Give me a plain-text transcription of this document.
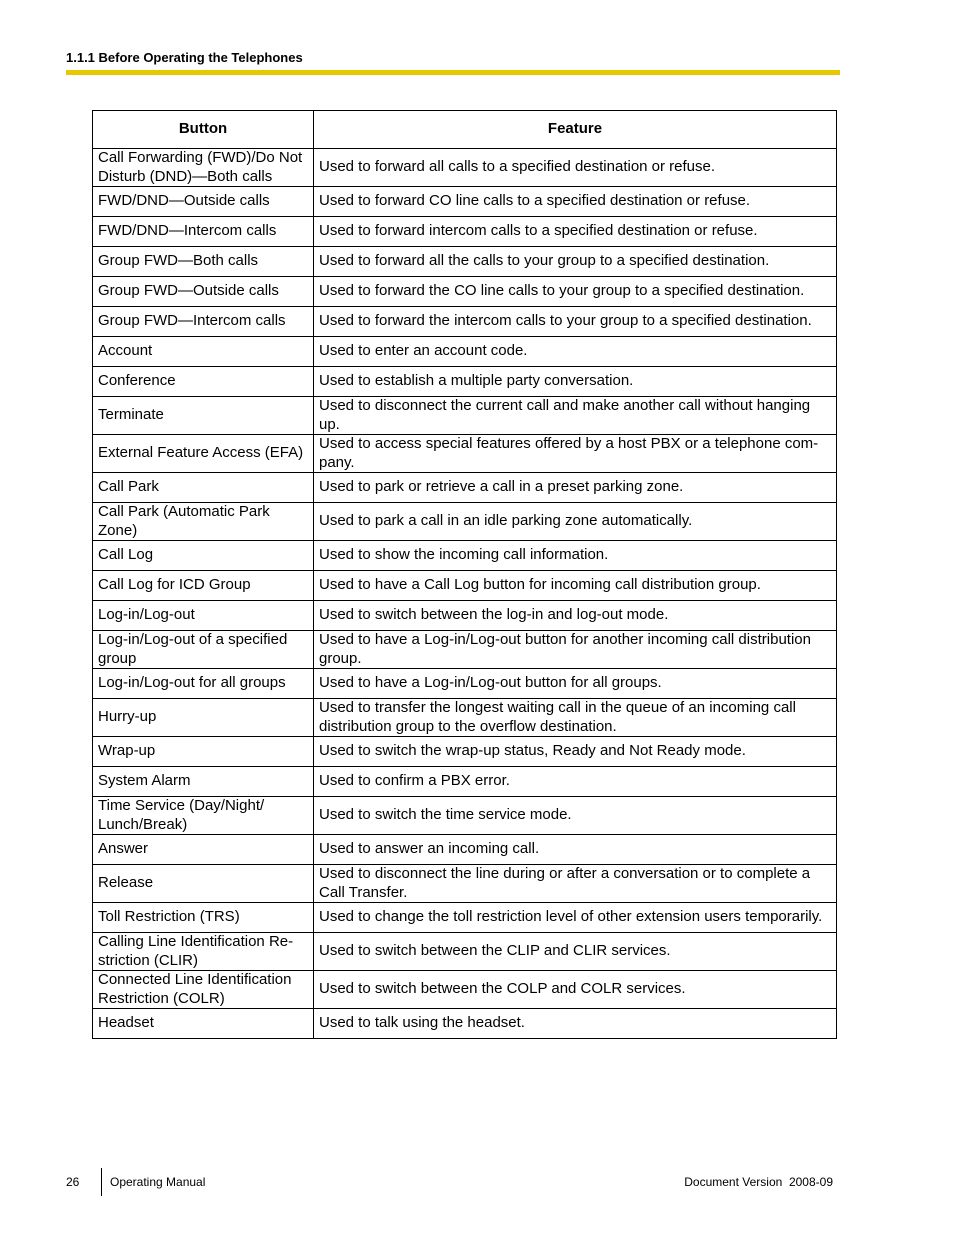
1.1.1 Before Operating the Telephones
Button	Feature
Call Forwarding (FWD)/Do Not Disturb (DND)—Both calls	Used to forward all calls to a specified destination or refuse.
FWD/DND—Outside calls	Used to forward CO line calls to a specified destination or refuse.
FWD/DND—Intercom calls	Used to forward intercom calls to a specified destination or refuse.
Group FWD—Both calls	Used to forward all the calls to your group to a specified destination.
Group FWD—Outside calls	Used to forward the CO line calls to your group to a specified destination.
Group FWD—Intercom calls	Used to forward the intercom calls to your group to a specified destination.
Account	Used to enter an account code.
Conference	Used to establish a multiple party conversation.
Terminate	Used to disconnect the current call and make another call without hanging up.
External Feature Access (EFA)	Used to access special features offered by a host PBX or a telephone com-pany.
Call Park	Used to park or retrieve a call in a preset parking zone.
Call Park (Automatic Park Zone)	Used to park a call in an idle parking zone automatically.
Call Log	Used to show the incoming call information.
Call Log for ICD Group	Used to have a Call Log button for incoming call distribution group.
Log-in/Log-out	Used to switch between the log-in and log-out mode.
Log-in/Log-out of a specified group	Used to have a Log-in/Log-out button for another incoming call distribution group.
Log-in/Log-out for all groups	Used to have a Log-in/Log-out button for all groups.
Hurry-up	Used to transfer the longest waiting call in the queue of an incoming call distribution group to the overflow destination.
Wrap-up	Used to switch the wrap-up status, Ready and Not Ready mode.
System Alarm	Used to confirm a PBX error.
Time Service (Day/Night/ Lunch/Break)	Used to switch the time service mode.
Answer	Used to answer an incoming call.
Release	Used to disconnect the line during or after a conversation or to complete a Call Transfer.
Toll Restriction (TRS)	Used to change the toll restriction level of other extension users temporarily.
Calling Line Identification Re-striction (CLIR)	Used to switch between the CLIP and CLIR services.
Connected Line Identification Restriction (COLR)	Used to switch between the COLP and COLR services.
Headset	Used to talk using the headset.
26	Operating Manual	Document Version  2008-09
